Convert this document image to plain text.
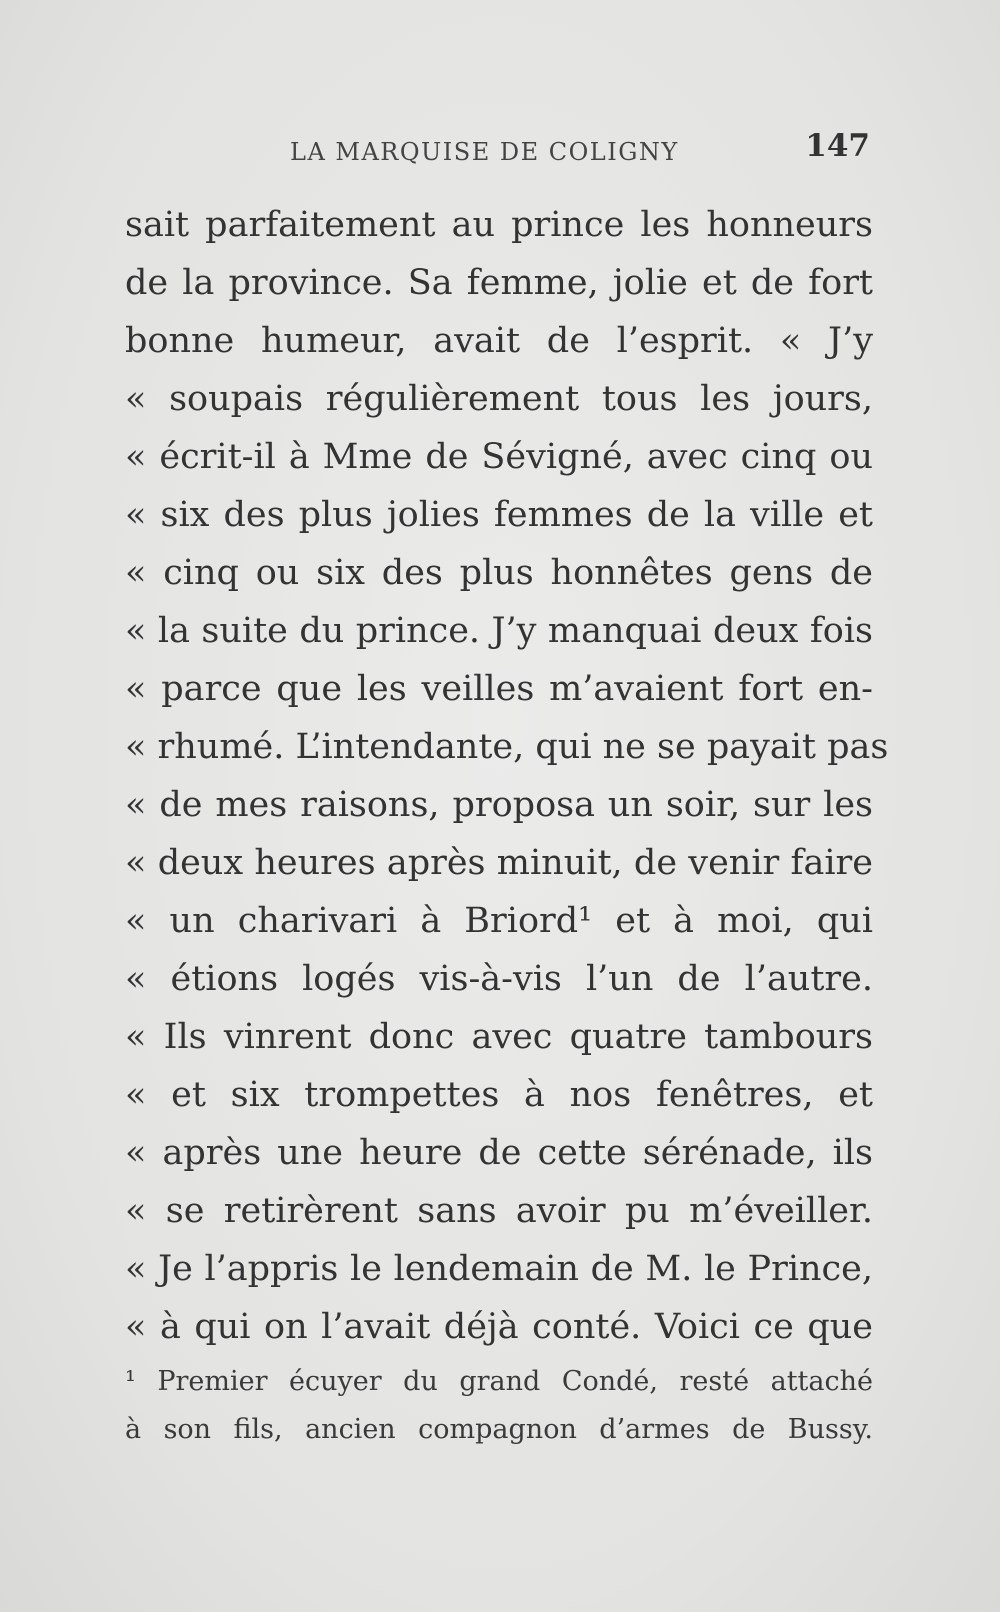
LA MARQUISE DE COLIGNY	147
sait parfaitement au prince les honneurs
de la province. Sa femme, jolie et de fort
bonne humeur, avait de l’esprit. « J’y
« soupais régulièrement tous les jours,
« écrit-il à Mme de Sévigné, avec cinq ou
« six des plus jolies femmes de la ville et
« cinq ou six des plus honnêtes gens de
« la suite du prince. J’y manquai deux fois
« parce que les veilles m’avaient fort en-
« rhumé. L’intendante, qui ne se payait pas
« de mes raisons, proposa un soir, sur les
« deux heures après minuit, de venir faire
« un charivari à Briord¹ et à moi, qui
« étions logés vis-à-vis l’un de l’autre.
« Ils vinrent donc avec quatre tambours
« et six trompettes à nos fenêtres, et
« après une heure de cette sérénade, ils
« se retirèrent sans avoir pu m’éveiller.
« Je l’appris le lendemain de M. le Prince,
« à qui on l’avait déjà conté. Voici ce que
¹ Premier écuyer du grand Condé, resté attaché
à son fils, ancien compagnon d’armes de Bussy.
